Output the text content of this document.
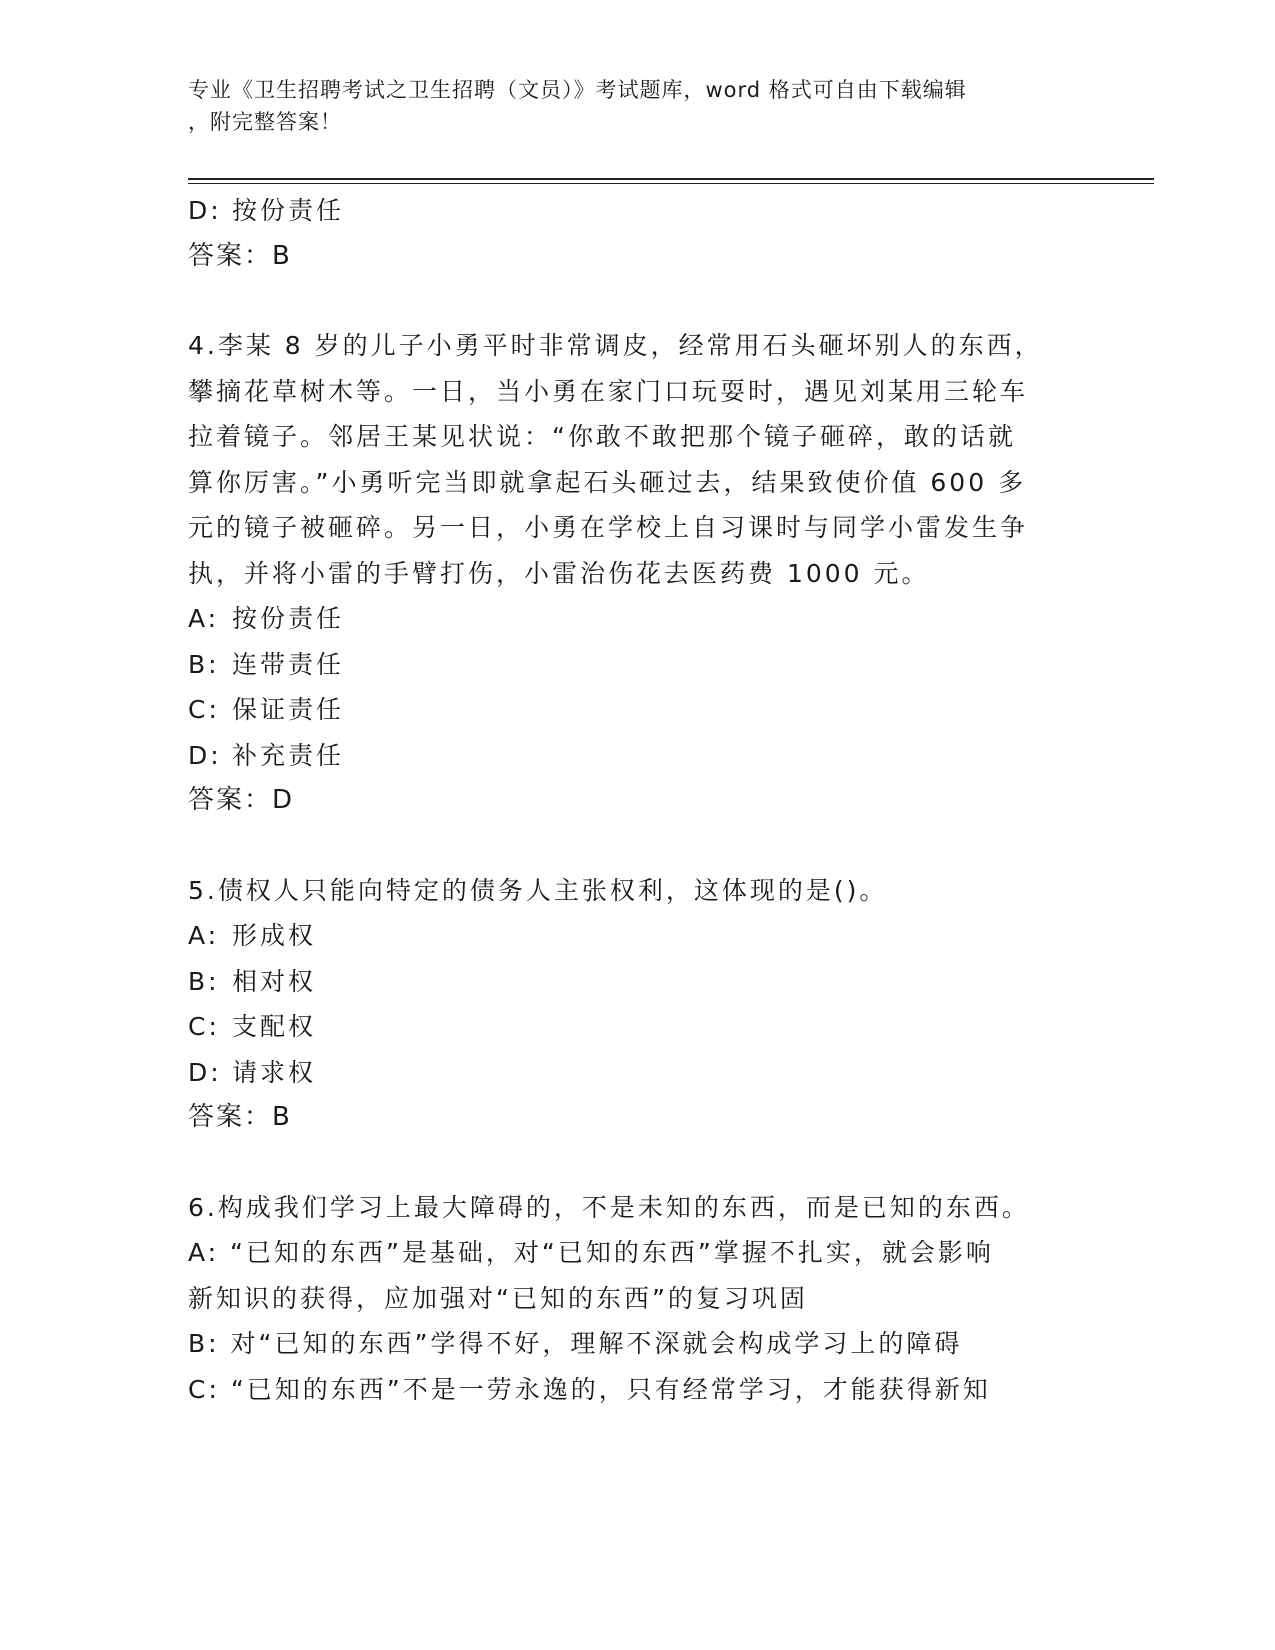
专业《卫生招聘考试之卫生招聘（文员）》考试题库，word 格式可自由下载编辑
，附完整答案！
D: 按份责任
答案：B
4.李某 8 岁的儿子小勇平时非常调皮，经常用石头砸坏别人的东西，
攀摘花草树木等。一日，当小勇在家门口玩耍时，遇见刘某用三轮车
拉着镜子。邻居王某见状说：“你敢不敢把那个镜子砸碎，敢的话就
算你厉害。”小勇听完当即就拿起石头砸过去，结果致使价值 600 多
元的镜子被砸碎。另一日，小勇在学校上自习课时与同学小雷发生争
执，并将小雷的手臂打伤，小雷治伤花去医药费 1000 元。
A: 按份责任
B: 连带责任
C: 保证责任
D: 补充责任
答案：D
5.债权人只能向特定的债务人主张权利，这体现的是()。
A: 形成权
B: 相对权
C: 支配权
D: 请求权
答案：B
6.构成我们学习上最大障碍的，不是未知的东西，而是已知的东西。
A: “已知的东西”是基础，对“已知的东西”掌握不扎实，就会影响
新知识的获得，应加强对“已知的东西”的复习巩固
B: 对“已知的东西”学得不好，理解不深就会构成学习上的障碍
C: “已知的东西”不是一劳永逸的，只有经常学习，才能获得新知
